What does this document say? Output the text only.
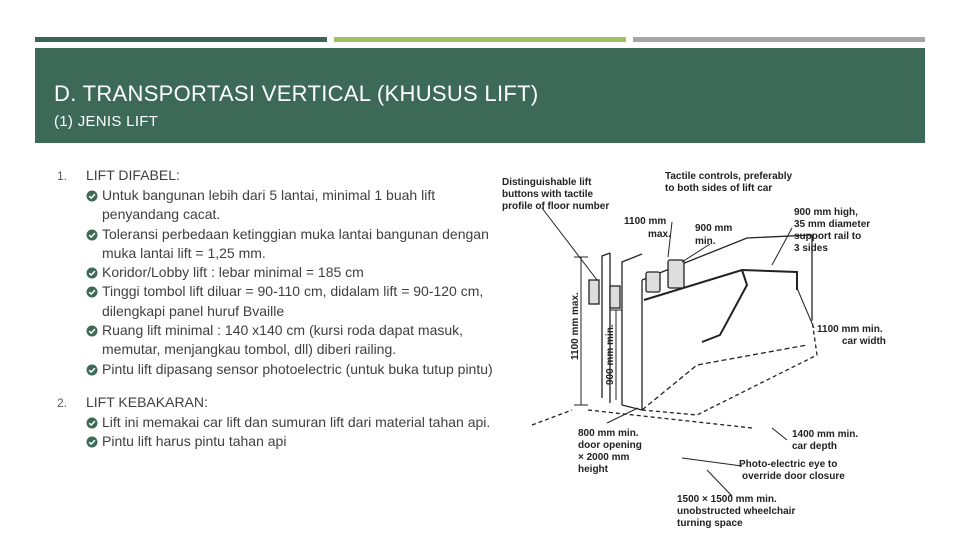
D. TRANSPORTASI VERTICAL (KHUSUS LIFT)
(1) JENIS LIFT
1.	LIFT DIFABEL:
Untuk bangunan lebih dari 5 lantai, minimal 1 buah lift penyandang cacat.
Toleransi perbedaan ketinggian muka lantai bangunan dengan muka lantai lift = 1,25 mm.
Koridor/Lobby lift : lebar minimal = 185 cm
Tinggi tombol lift diluar = 90-110 cm, didalam lift = 90-120 cm, dilengkapi panel huruf Bvaille
Ruang lift minimal : 140 x140 cm (kursi roda dapat masuk, memutar, menjangkau tombol, dll) diberi railing.
Pintu lift dipasang sensor photoelectric (untuk buka tutup pintu)
2.	LIFT KEBAKARAN:
Lift ini memakai car lift dan sumuran lift dari material tahan api.
Pintu lift harus pintu tahan api
Distinguishable lift buttons with tactile profile of floor number
Tactile controls, preferably to both sides of lift car
1100 mm max.
900 mm min.
900 mm high, 35 mm diameter support rail to 3 sides
1100 mm min. car width
1100 mm max. 900 mm min.
800 mm min. door opening × 2000 mm height
1400 mm min. car depth
Photo-electric eye to override door closure
1500 × 1500 mm min. unobstructed wheelchair turning space
